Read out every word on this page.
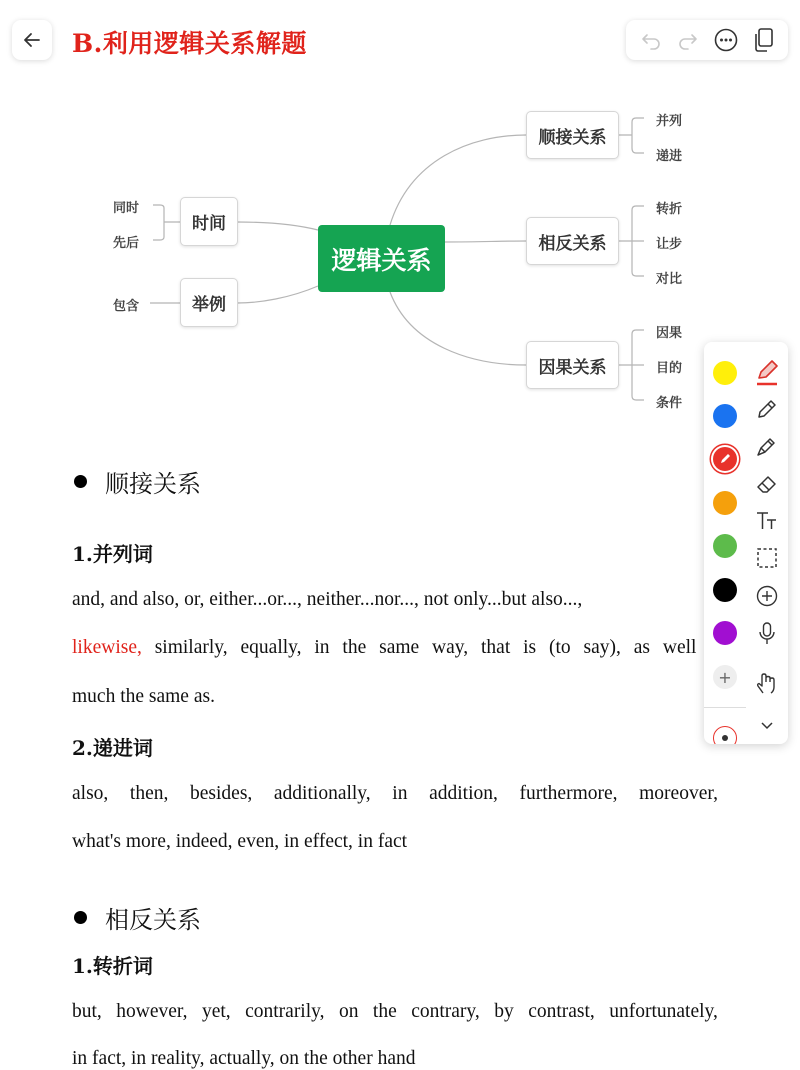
B.利用逻辑关系解题
逻辑关系
时间
同时
先后
举例
包含
顺接关系
并列
递进
相反关系
转折
让步
对比
因果关系
因果
目的
条件
顺接关系
1.并列词
and, and also, or, either...or..., neither...nor..., not only...but also...,
likewise, similarly, equally, in the same way, that is (to say), as well
much the same as.
2.递进词
also, then, besides, additionally, in addition, furthermore, moreover,
what's more, indeed, even, in effect, in fact
相反关系
1.转折词
but, however, yet, contrarily, on the contrary, by contrast, unfortunately,
in fact, in reality, actually, on the other hand
+
